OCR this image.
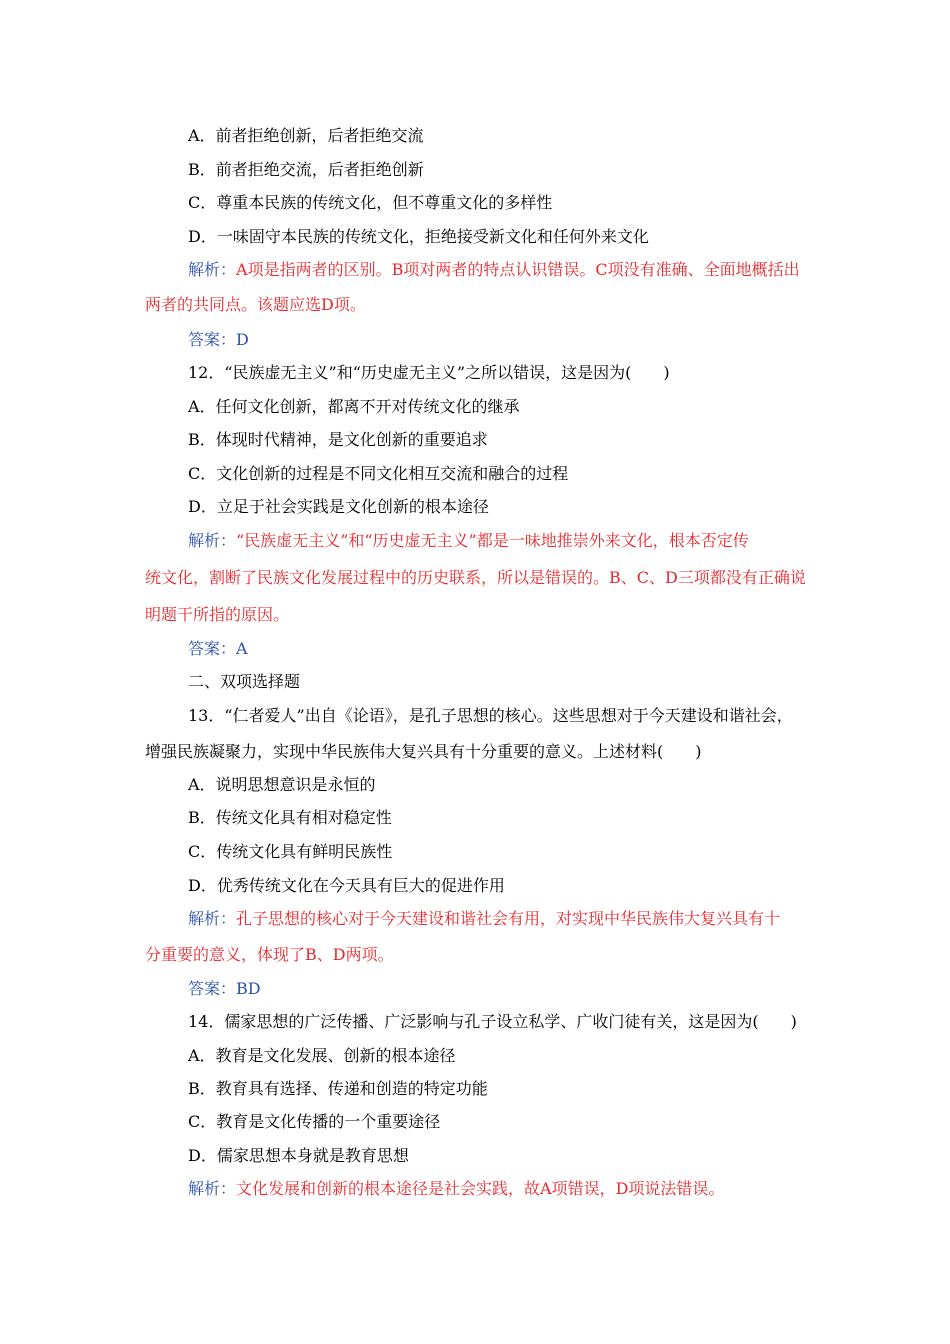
A．前者拒绝创新，后者拒绝交流
B．前者拒绝交流，后者拒绝创新
C．尊重本民族的传统文化，但不尊重文化的多样性
D．一味固守本民族的传统文化，拒绝接受新文化和任何外来文化
解析：A项是指两者的区别。B项对两者的特点认识错误。C项没有准确、全面地概括出
两者的共同点。该题应选D项。
答案：D
12．“民族虚无主义”和“历史虚无主义”之所以错误，这是因为(　　)
A．任何文化创新，都离不开对传统文化的继承
B．体现时代精神，是文化创新的重要追求
C．文化创新的过程是不同文化相互交流和融合的过程
D．立足于社会实践是文化创新的根本途径
解析：“民族虚无主义”和“历史虚无主义”都是一味地推崇外来文化，根本否定传
统文化，割断了民族文化发展过程中的历史联系，所以是错误的。B、C、D三项都没有正确说
明题干所指的原因。
答案：A
二、双项选择题
13．“仁者爱人”出自《论语》，是孔子思想的核心。这些思想对于今天建设和谐社会，
增强民族凝聚力，实现中华民族伟大复兴具有十分重要的意义。上述材料(　　)
A．说明思想意识是永恒的
B．传统文化具有相对稳定性
C．传统文化具有鲜明民族性
D．优秀传统文化在今天具有巨大的促进作用
解析：孔子思想的核心对于今天建设和谐社会有用，对实现中华民族伟大复兴具有十
分重要的意义，体现了B、D两项。
答案：BD
14．儒家思想的广泛传播、广泛影响与孔子设立私学、广收门徒有关，这是因为(　　)
A．教育是文化发展、创新的根本途径
B．教育具有选择、传递和创造的特定功能
C．教育是文化传播的一个重要途径
D．儒家思想本身就是教育思想
解析：文化发展和创新的根本途径是社会实践，故A项错误，D项说法错误。
